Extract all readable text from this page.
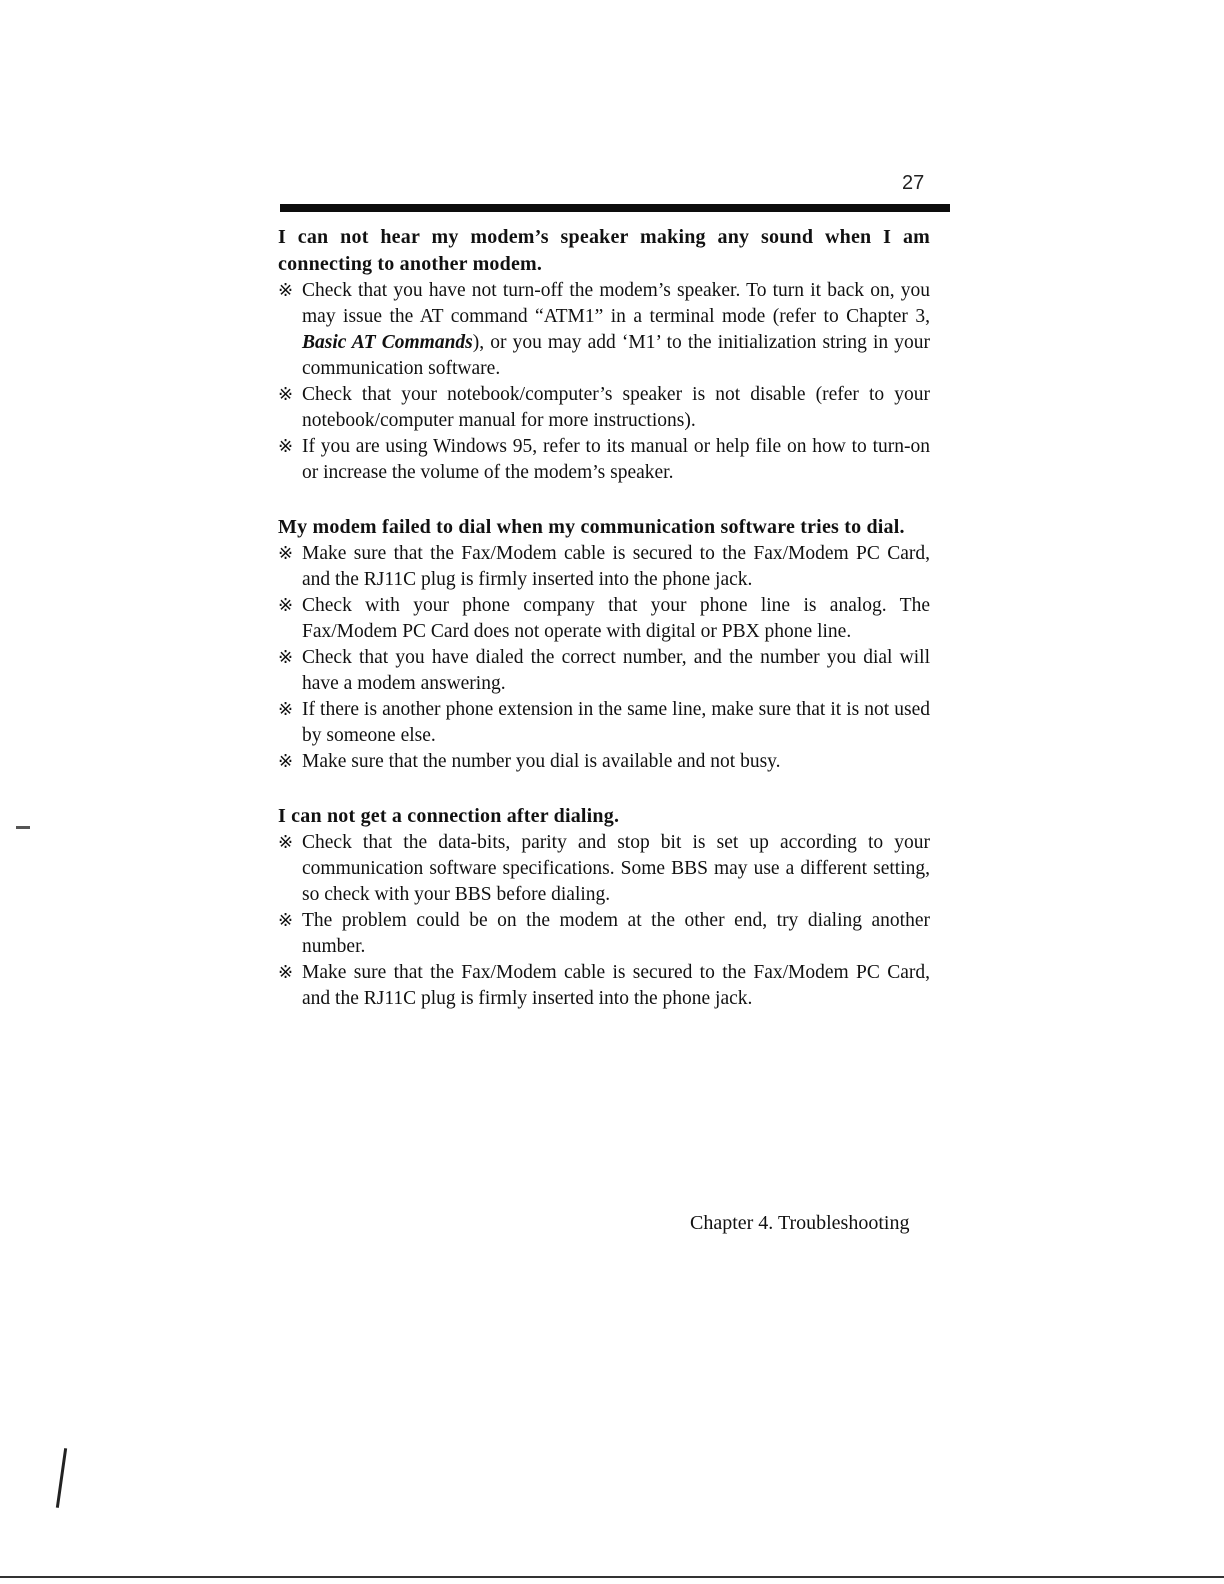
27

I can not hear my modem’s speaker making any sound when I am connecting to another modem.

※ Check that you have not turn-off the modem’s speaker. To turn it back on, you may issue the AT command “ATM1” in a terminal mode (refer to Chapter 3, Basic AT Commands), or you may add ‘M1’ to the initialization string in your communication software.
※ Check that your notebook/computer’s speaker is not disable (refer to your notebook/computer manual for more instructions).
※ If you are using Windows 95, refer to its manual or help file on how to turn-on or increase the volume of the modem’s speaker.

My modem failed to dial when my communication software tries to dial.

※ Make sure that the Fax/Modem cable is secured to the Fax/Modem PC Card, and the RJ11C plug is firmly inserted into the phone jack.
※ Check with your phone company that your phone line is analog. The Fax/Modem PC Card does not operate with digital or PBX phone line.
※ Check that you have dialed the correct number, and the number you dial will have a modem answering.
※ If there is another phone extension in the same line, make sure that it is not used by someone else.
※ Make sure that the number you dial is available and not busy.

I can not get a connection after dialing.

※ Check that the data-bits, parity and stop bit is set up according to your communication software specifications. Some BBS may use a different setting, so check with your BBS before dialing.
※ The problem could be on the modem at the other end, try dialing another number.
※ Make sure that the Fax/Modem cable is secured to the Fax/Modem PC Card, and the RJ11C plug is firmly inserted into the phone jack.
Chapter 4. Troubleshooting
